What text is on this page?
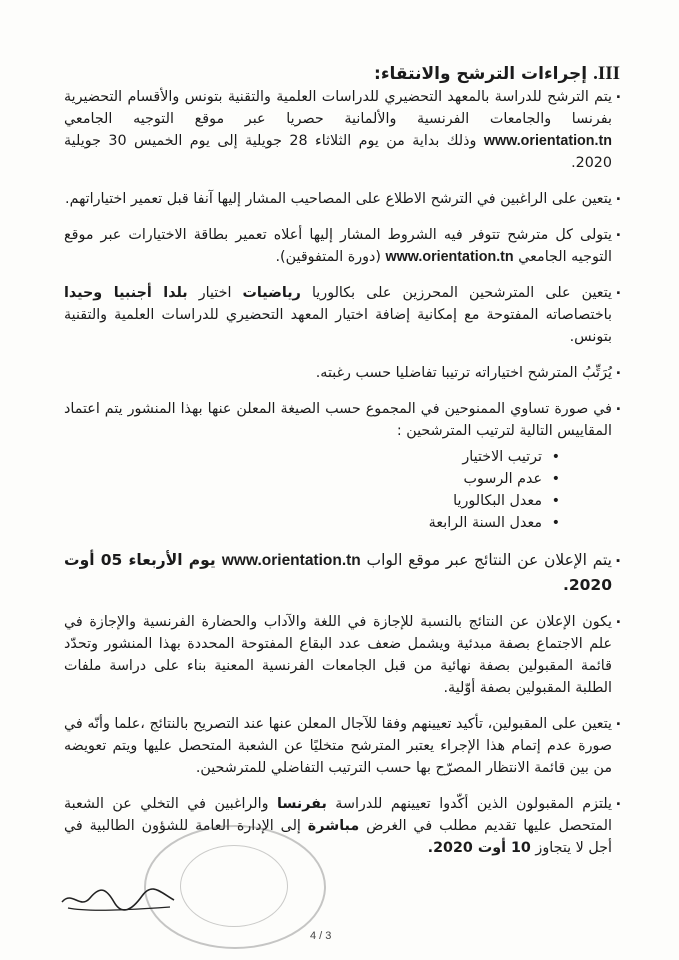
III. إجراءات الترشح والانتقاء:

. يتم الترشح للدراسة بالمعهد التحضيري للدراسات العلمية والتقنية بتونس والأقسام التحضيرية بفرنسا والجامعات الفرنسية والألمانية حصريا عبر موقع التوجيه الجامعي www.orientation.tn وذلك بداية من يوم الثلاثاء 28 جويلية إلى يوم الخميس 30 جويلية 2020.

. يتعين على الراغبين في الترشح الاطلاع على المصاحيب المشار إليها آنفا قبل تعمير اختياراتهم.

. يتولى كل مترشح تتوفر فيه الشروط المشار إليها أعلاه تعمير بطاقة الاختيارات عبر موقع التوجيه الجامعي www.orientation.tn (دورة المتفوقين).

. يتعين على المترشحين المحرزين على بكالوريا رياضيات اختيار بلدا أجنبيا وحيدا باختصاصاته المفتوحة مع إمكانية إضافة اختيار المعهد التحضيري للدراسات العلمية والتقنية بتونس.

. يُرَتِّبُ المترشح اختياراته ترتيبا تفاضليا حسب رغبته.

. في صورة تساوي الممنوحين في المجموع حسب الصيغة المعلن عنها بهذا المنشور يتم اعتماد المقاييس التالية لترتيب المترشحين :
• ترتيب الاختيار
• عدم الرسوب
• معدل البكالوريا
• معدل السنة الرابعة

. يتم الإعلان عن النتائج عبر موقع الواب www.orientation.tn يوم الأربعاء 05 أوت 2020.

. يكون الإعلان عن النتائج بالنسبة للإجازة في اللغة والآداب والحضارة الفرنسية والإجازة في علم الاجتماع بصفة مبدئية ويشمل ضعف عدد البقاع المفتوحة المحددة بهذا المنشور وتحدّد قائمة المقبولين بصفة نهائية من قبل الجامعات الفرنسية المعنية بناء على دراسة ملفات الطلبة المقبولين بصفة أوّلية.

. يتعين على المقبولين، تأكيد تعيينهم وفقا للآجال المعلن عنها عند التصريح بالنتائج ،علما وأنّه في صورة عدم إتمام هذا الإجراء يعتبر المترشح متخليًا عن الشعبة المتحصل عليها ويتم تعويضه من بين قائمة الانتظار المصرّح بها حسب الترتيب التفاضلي للمترشحين.

. يلتزم المقبولون الذين أكّدوا تعيينهم للدراسة بفرنسا والراغبين في التخلي عن الشعبة المتحصل عليها تقديم مطلب في الغرض مباشرة إلى الإدارة العامة للشؤون الطالبية في أجل لا يتجاوز 10 أوت 2020.

4 / 3
